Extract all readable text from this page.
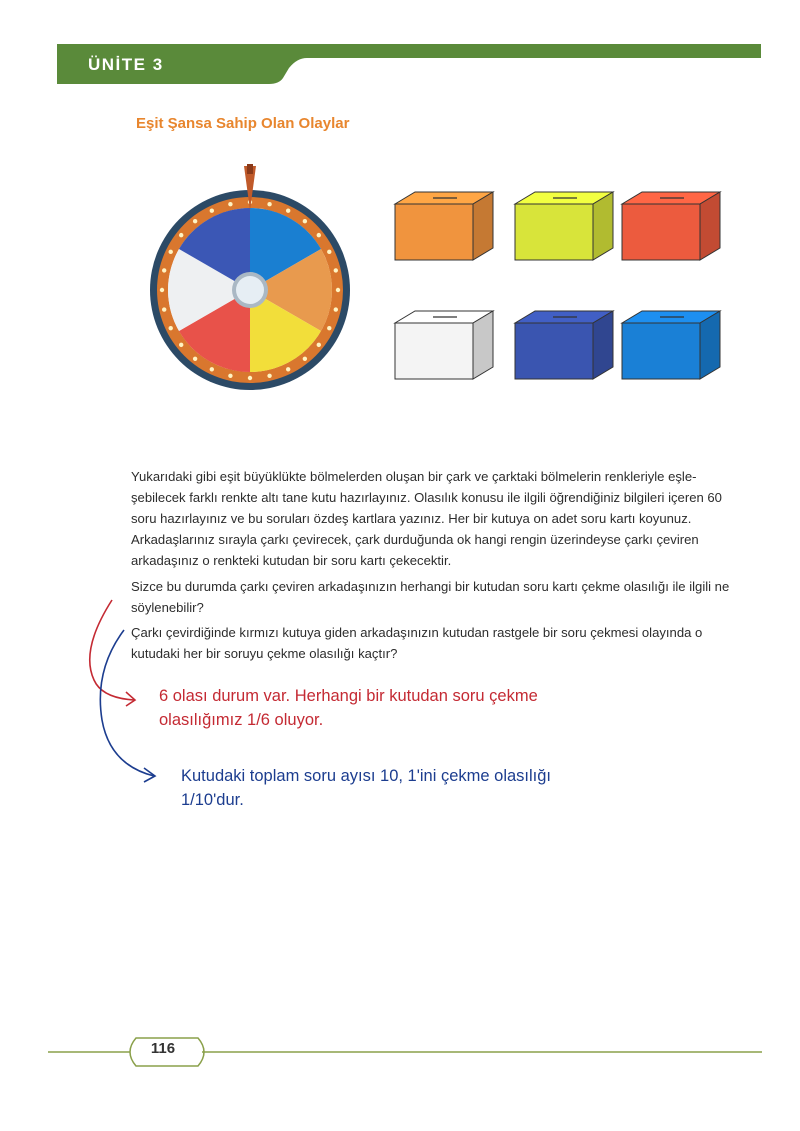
ÜNİTE 3
Eşit Şansa Sahip Olan Olaylar
Yukarıdaki gibi eşit büyüklükte bölmelerden oluşan bir çark ve çarktaki bölmelerin renkleriyle eşle-şebilecek farklı renkte altı tane kutu hazırlayınız. Olasılık konusu ile ilgili öğrendiğiniz bilgileri içeren 60 soru hazırlayınız ve bu soruları özdeş kartlara yazınız. Her bir kutuya on adet soru kartı koyunuz. Arkadaşlarınız sırayla çarkı çevirecek, çark durduğunda ok hangi rengin üzerindeyse çarkı çeviren arkadaşınız o renkteki kutudan bir soru kartı çekecektir.
Sizce bu durumda çarkı çeviren arkadaşınızın herhangi bir kutudan soru kartı çekme olasılığı ile ilgili ne söylenebilir?
Çarkı çevirdiğinde kırmızı kutuya giden arkadaşınızın kutudan rastgele bir soru çekmesi olayında o kutudaki her bir soruyu çekme olasılığı kaçtır?
6 olası durum var. Herhangi bir kutudan soru çekme olasılığımız 1/6 oluyor.
Kutudaki toplam soru ayısı 10, 1'ini çekme olasılığı 1/10'dur.
116
